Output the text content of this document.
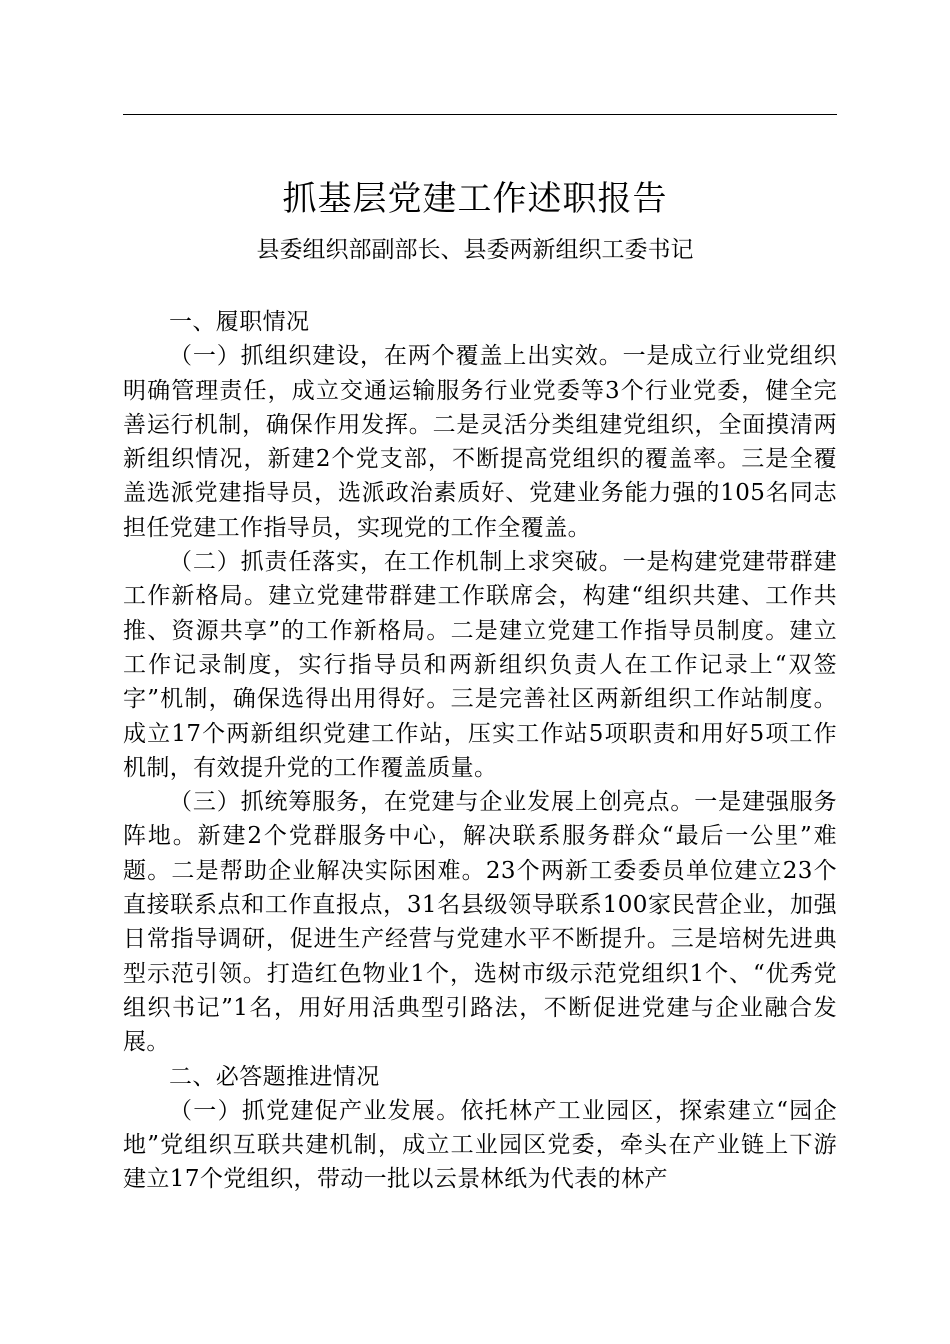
抓基层党建工作述职报告

县委组织部副部长、县委两新组织工委书记

一、履职情况

（一）抓组织建设，在两个覆盖上出实效。一是成立行业党组织明确管理责任，成立交通运输服务行业党委等3个行业党委，健全完善运行机制，确保作用发挥。二是灵活分类组建党组织，全面摸清两新组织情况，新建2个党支部，不断提高党组织的覆盖率。三是全覆盖选派党建指导员，选派政治素质好、党建业务能力强的105名同志担任党建工作指导员，实现党的工作全覆盖。

（二）抓责任落实，在工作机制上求突破。一是构建党建带群建工作新格局。建立党建带群建工作联席会，构建“组织共建、工作共推、资源共享”的工作新格局。二是建立党建工作指导员制度。建立工作记录制度，实行指导员和两新组织负责人在工作记录上“双签字”机制，确保选得出用得好。三是完善社区两新组织工作站制度。成立17个两新组织党建工作站，压实工作站5项职责和用好5项工作机制，有效提升党的工作覆盖质量。

（三）抓统筹服务，在党建与企业发展上创亮点。一是建强服务阵地。新建2个党群服务中心，解决联系服务群众“最后一公里”难题。二是帮助企业解决实际困难。23个两新工委委员单位建立23个直接联系点和工作直报点，31名县级领导联系100家民营企业，加强日常指导调研，促进生产经营与党建水平不断提升。三是培树先进典型示范引领。打造红色物业1个，选树市级示范党组织1个、“优秀党组织书记”1名，用好用活典型引路法，不断促进党建与企业融合发展。

二、必答题推进情况

（一）抓党建促产业发展。依托林产工业园区，探索建立“园企地”党组织互联共建机制，成立工业园区党委，牵头在产业链上下游建立17个党组织，带动一批以云景林纸为代表的林产
